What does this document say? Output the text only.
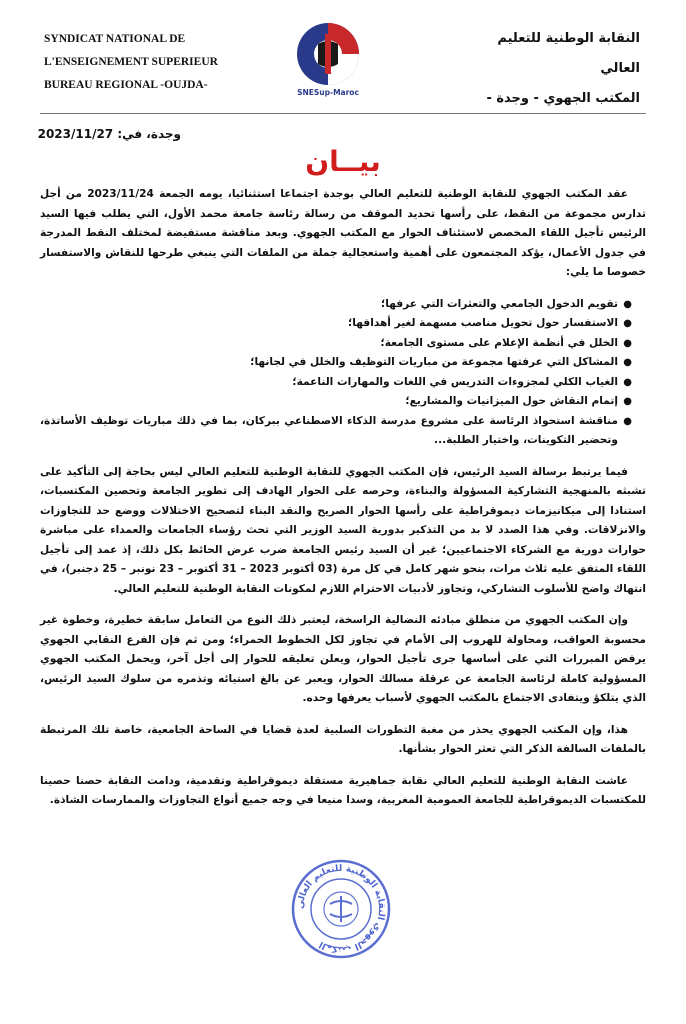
SYNDICAT NATIONAL DE
L'ENSEIGNEMENT SUPERIEUR
BUREAU REGIONAL -OUJDA-
SNESup-Maroc
النقابة الوطنية للتعليم العالي
المكتب الجهوي - وجدة -
وجدة، في: 2023/11/27
بيــان

عقد المكتب الجهوي للنقابة الوطنية للتعليم العالي بوجدة اجتماعا استثنائيا، يومه الجمعة 2023/11/24 من أجل تدارس مجموعة من النقط، على رأسها تحديد الموقف من رسالة رئاسة جامعة محمد الأول، التي يطلب فيها السيد الرئيس تأجيل اللقاء المخصص لاستئناف الحوار مع المكتب الجهوي. وبعد مناقشة مستفيضة لمختلف النقط المدرجة في جدول الأعمال، يؤكد المجتمعون على أهمية واستعجالية جملة من الملفات التي ينبغي طرحها للنقاش والاستفسار خصوصا ما يلي:

●
تقويم الدخول الجامعي والتعثرات التي عرفها؛
●
الاستفسار حول تحويل مناصب مسهمة لغير أهدافها؛
●
الخلل في أنظمة الإعلام على مستوى الجامعة؛
●
المشاكل التي عرفتها مجموعة من مباريات التوظيف والخلل في لجانها؛
●
الغياب الكلي لمجزوءات التدريس في اللغات والمهارات الناعمة؛
●
إتمام النقاش حول الميزانيات والمشاريع؛
●
مناقشة استحواذ الرئاسة على مشروع مدرسة الذكاء الاصطناعي ببركان، بما في ذلك مباريات توظيف الأساتذة، وتحضير التكوينات، واختيار الطلبة...

فيما يرتبط برسالة السيد الرئيس، فإن المكتب الجهوي للنقابة الوطنية للتعليم العالي ليس بحاجة إلى التأكيد على تشبثه بالمنهجية التشاركية المسؤولة والبناءة، وحرصه على الحوار الهادف إلى تطوير الجامعة وتحصين المكتسبات، استنادا إلى ميكانيزمات ديموقراطية على رأسها الحوار الصريح والنقد البناء لتصحيح الاختلالات ووضع حد للتجاوزات والانزلاقات. وفي هذا الصدد لا بد من التذكير بدورية السيد الوزير التي تحث رؤساء الجامعات والعمداء على مباشرة حوارات دورية مع الشركاء الاجتماعيين؛ غير أن السيد رئيس الجامعة ضرب عرض الحائط بكل ذلك، إذ عمد إلى تأجيل اللقاء المتفق عليه ثلاث مرات، بنحو شهر كامل في كل مرة (03 أكتوبر 2023 – 31 أكتوبر – 23 نونبر – 25 دجنبر)، في انتهاك واضح للأسلوب التشاركي، وتجاوز لأدبيات الاحترام اللازم لمكونات النقابة الوطنية للتعليم العالي.

وإن المكتب الجهوي من منطلق مبادئه النضالية الراسخة، ليعتبر ذلك النوع من التعامل سابقة خطيرة، وخطوة غير محسوبة العواقب، ومحاولة للهروب إلى الأمام في تجاوز لكل الخطوط الحمراء؛ ومن ثم فإن الفرع النقابي الجهوي يرفض المبررات التي على أساسها جرى تأجيل الحوار، ويعلن تعليقه للحوار إلى أجل آخر، ويحمل المكتب الجهوي المسؤولية كاملة لرئاسة الجامعة عن عرقلة مسالك الحوار، ويعبر عن بالغ استيائه وتذمره من سلوك السيد الرئيس، الذي يتلكؤ ويتفادى الاجتماع بالمكتب الجهوي لأسباب يعرفها وحده.

هذا، وإن المكتب الجهوي يحذر من مغبة التطورات السلبية لعدة قضايا في الساحة الجامعية، خاصة تلك المرتبطة بالملفات السالفة الذكر التي تعثر الحوار بشأنها.

عاشت النقابة الوطنية للتعليم العالي نقابة جماهيرية مستقلة ديموقراطية وتقدمية، ودامت النقابة حصنا حصينا للمكتسبات الديموقراطية للجامعة العمومية المغربية، وسدا منيعا في وجه جميع أنواع التجاوزات والممارسات الشاذة.

المكتب الجهوي النقابة الوطنية للتعليم العالي
